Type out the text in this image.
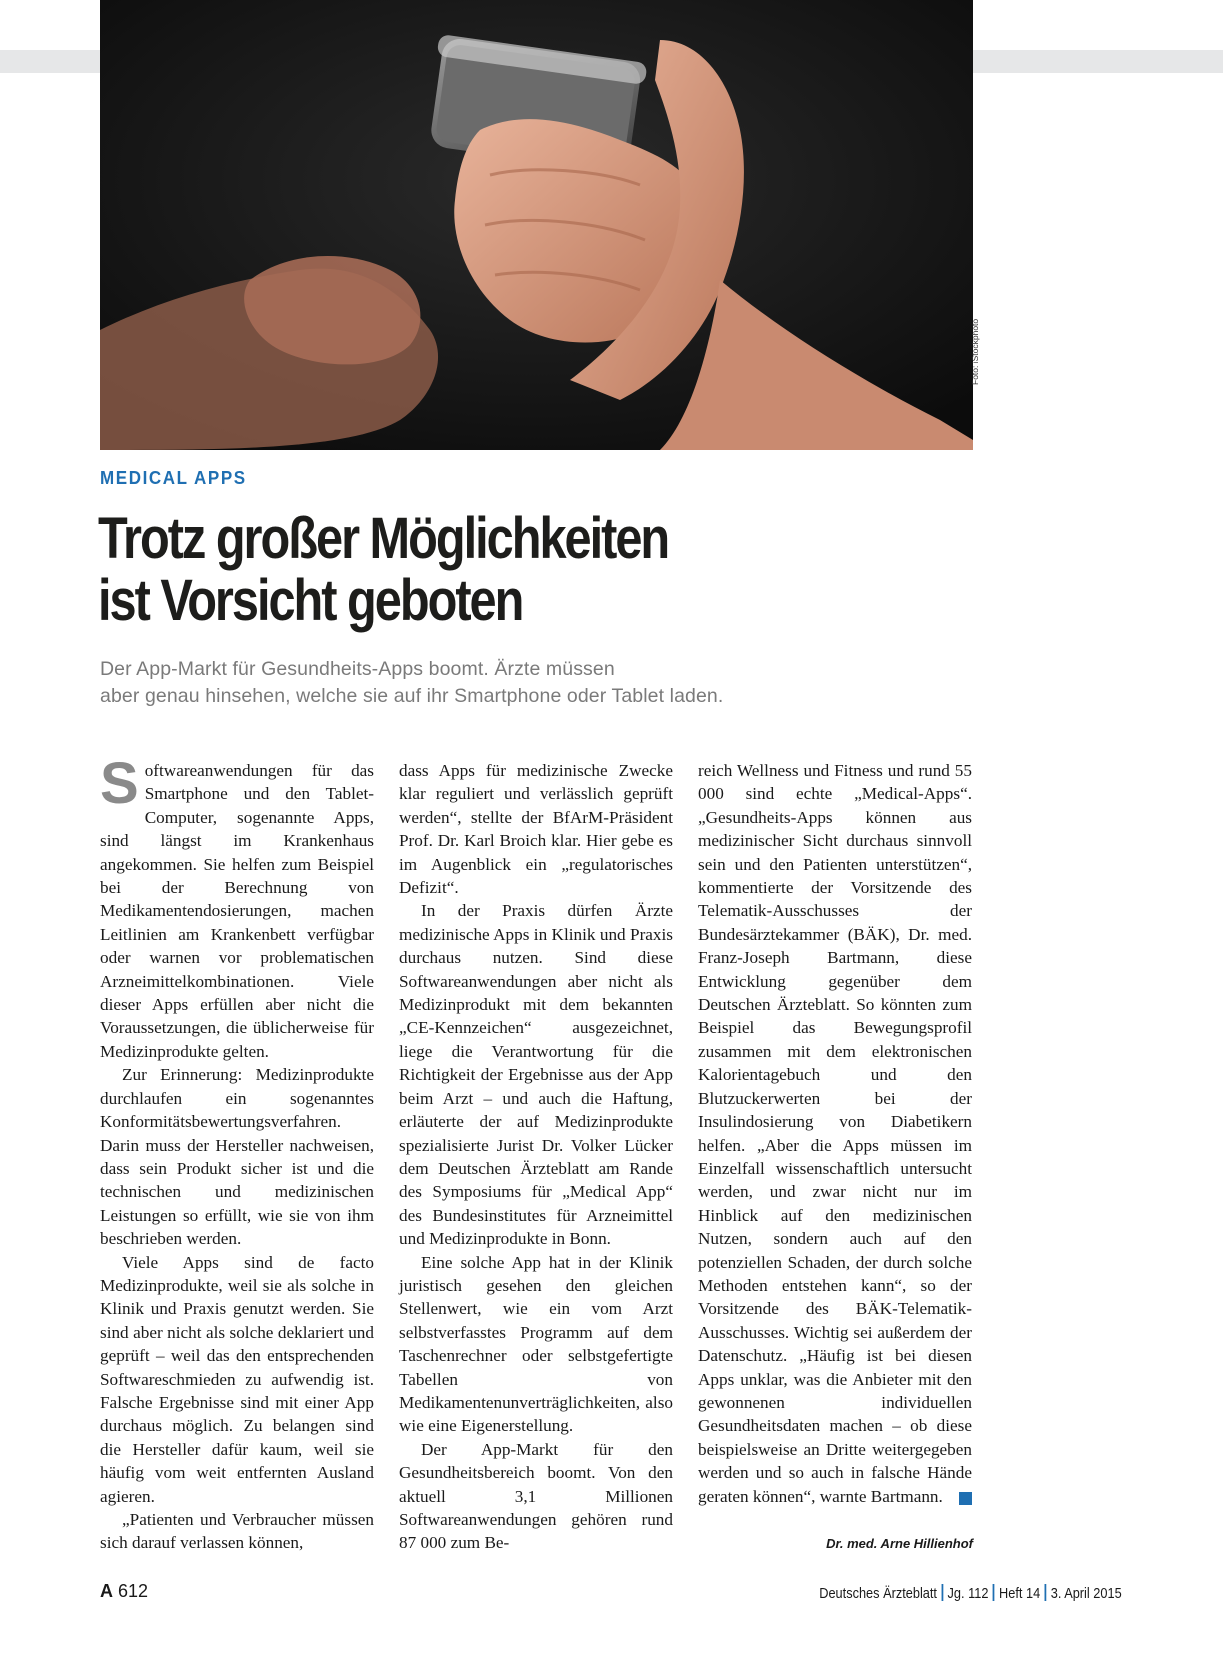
Foto: iStockphoto
MEDICAL APPS
Trotz großer Möglichkeiten
ist Vorsicht geboten
Der App-Markt für Gesundheits-Apps boomt. Ärzte müssen
aber genau hinsehen, welche sie auf ihr Smartphone oder Tablet laden.

Softwareanwendungen für das Smartphone und den Tablet-Computer, sogenannte Apps, sind längst im Krankenhaus angekommen. Sie helfen zum Beispiel bei der Berechnung von Medikamentendosierungen, machen Leitlinien am Krankenbett verfügbar oder warnen vor problematischen Arzneimittelkombinationen. Viele dieser Apps erfüllen aber nicht die Voraussetzungen, die üblicherweise für Medizinprodukte gelten.

Zur Erinnerung: Medizinprodukte durchlaufen ein sogenanntes Konformitätsbewertungsverfahren. Darin muss der Hersteller nachweisen, dass sein Produkt sicher ist und die technischen und medizinischen Leistungen so erfüllt, wie sie von ihm beschrieben werden.

Viele Apps sind de facto Medizinprodukte, weil sie als solche in Klinik und Praxis genutzt werden. Sie sind aber nicht als solche deklariert und geprüft – weil das den entsprechenden Softwareschmieden zu aufwendig ist. Falsche Ergebnisse sind mit einer App durchaus möglich. Zu belangen sind die Hersteller dafür kaum, weil sie häufig vom weit entfernten Ausland agieren.

„Patienten und Verbraucher müssen sich darauf verlassen können,

dass Apps für medizinische Zwecke klar reguliert und verlässlich geprüft werden“, stellte der BfArM-Präsident Prof. Dr. Karl Broich klar. Hier gebe es im Augenblick ein „regulatorisches Defizit“.

In der Praxis dürfen Ärzte medizinische Apps in Klinik und Praxis durchaus nutzen. Sind diese Softwareanwendungen aber nicht als Medizinprodukt mit dem bekannten „CE-Kennzeichen“ ausgezeichnet, liege die Verantwortung für die Richtigkeit der Ergebnisse aus der App beim Arzt – und auch die Haftung, erläuterte der auf Medizinprodukte spezialisierte Jurist Dr. Volker Lücker dem Deutschen Ärzteblatt am Rande des Symposiums für „Medical App“ des Bundesinstitutes für Arzneimittel und Medizinprodukte in Bonn.

Eine solche App hat in der Klinik juristisch gesehen den gleichen Stellenwert, wie ein vom Arzt selbstverfasstes Programm auf dem Taschenrechner oder selbstgefertigte Tabellen von Medikamentenunverträglichkeiten, also wie eine Eigenerstellung.

Der App-Markt für den Gesundheitsbereich boomt. Von den aktuell 3,1 Millionen Softwareanwendungen gehören rund 87 000 zum Be-

reich Wellness und Fitness und rund 55 000 sind echte „Medical-Apps“. „Gesundheits-Apps können aus medizinischer Sicht durchaus sinnvoll sein und den Patienten unterstützen“, kommentierte der Vorsitzende des Telematik-Ausschusses der Bundesärztekammer (BÄK), Dr. med. Franz-Joseph Bartmann, diese Entwicklung gegenüber dem Deutschen Ärzteblatt. So könnten zum Beispiel das Bewegungsprofil zusammen mit dem elektronischen Kalorientagebuch und den Blutzuckerwerten bei der Insulindosierung von Diabetikern helfen. „Aber die Apps müssen im Einzelfall wissenschaftlich untersucht werden, und zwar nicht nur im Hinblick auf den medizinischen Nutzen, sondern auch auf den potenziellen Schaden, der durch solche Methoden entstehen kann“, so der Vorsitzende des BÄK-Telematik-Ausschusses. Wichtig sei außerdem der Datenschutz. „Häufig ist bei diesen Apps unklar, was die Anbieter mit den gewonnenen individuellen Gesundheitsdaten machen – ob diese beispielsweise an Dritte weitergegeben werden und so auch in falsche Hände geraten können“, warnte Bartmann.

Dr. med. Arne Hillienhof
A 612	Deutsches Ärzteblatt Jg. 112 Heft 14 3. April 2015
